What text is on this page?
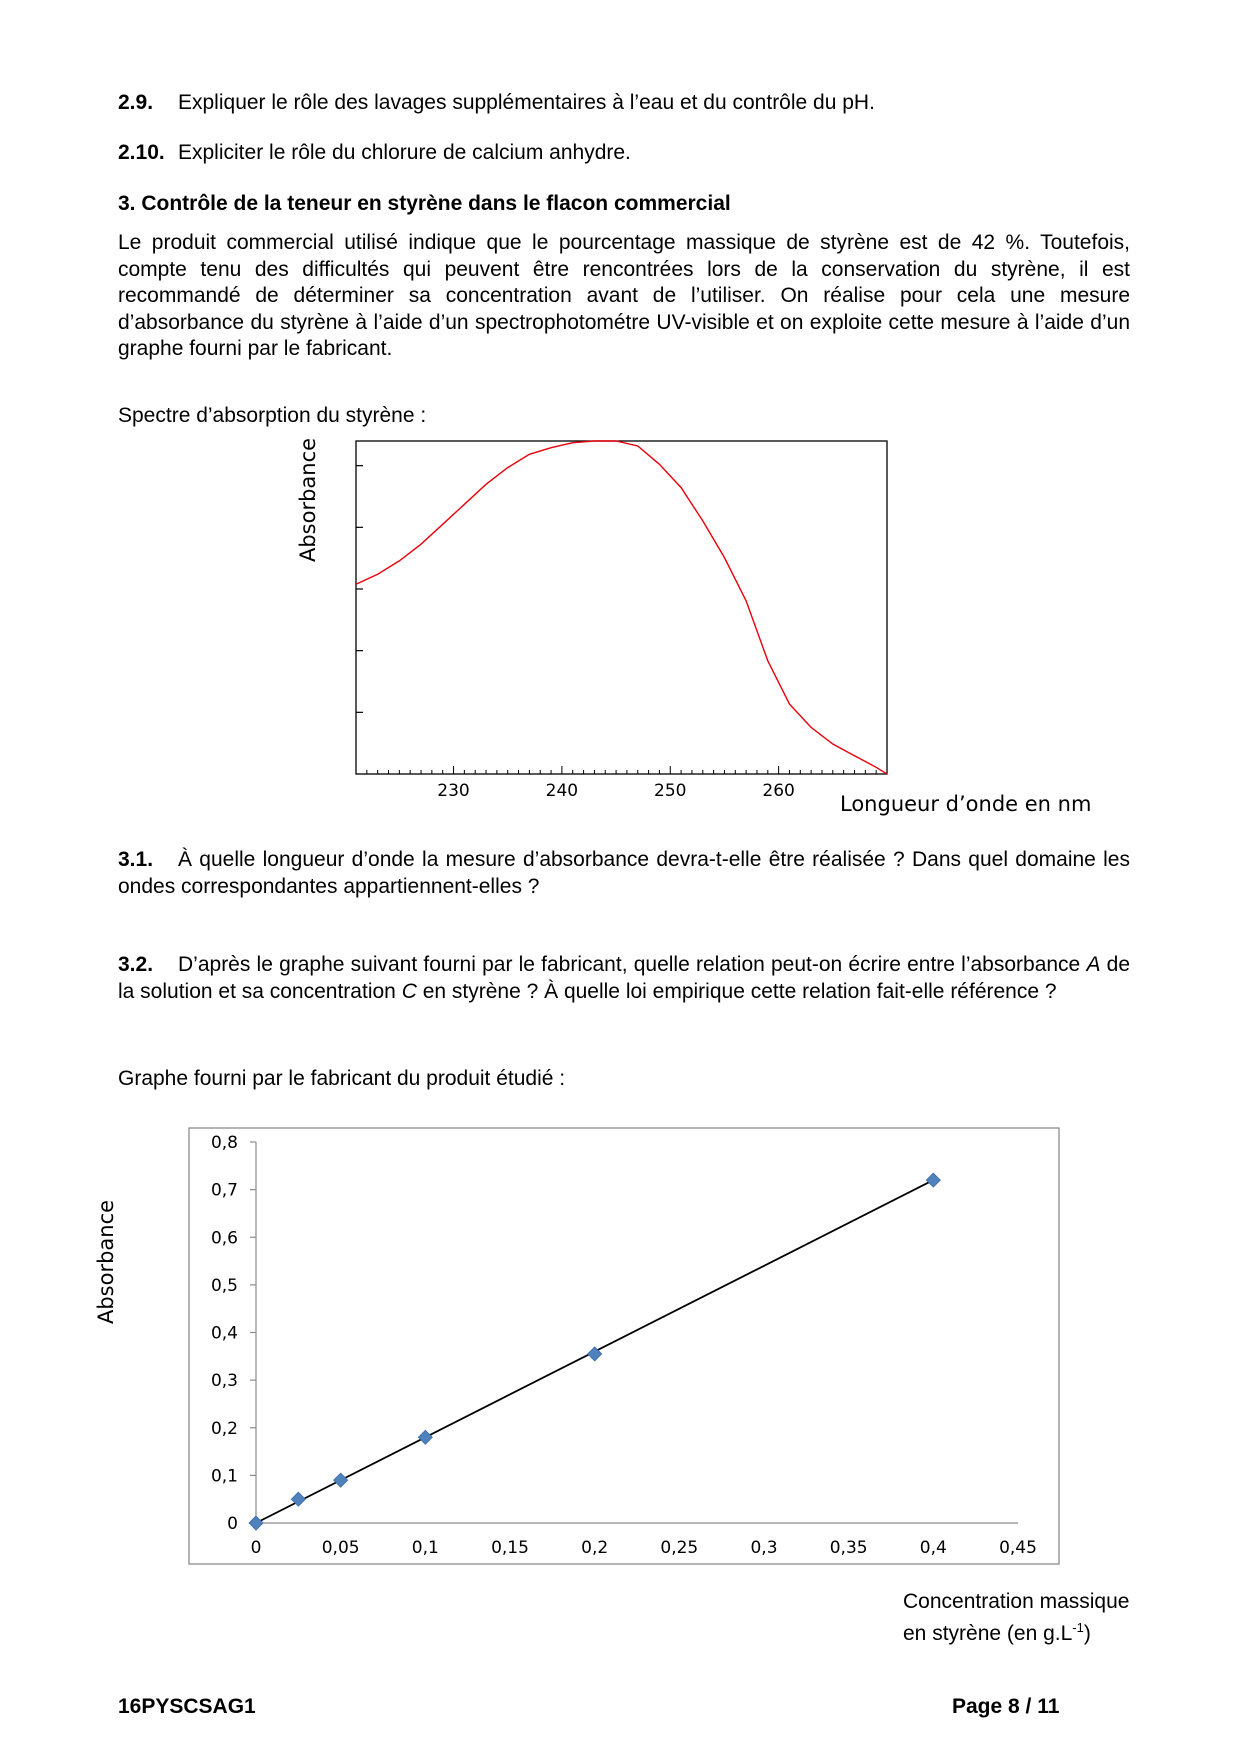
2.9. Expliquer le rôle des lavages supplémentaires à l’eau et du contrôle du pH.
2.10. Expliciter le rôle du chlorure de calcium anhydre.
3. Contrôle de la teneur en styrène dans le flacon commercial
Le produit commercial utilisé indique que le pourcentage massique de styrène est de 42 %. Toutefois, compte tenu des difficultés qui peuvent être rencontrées lors de la conservation du styrène, il est recommandé de déterminer sa concentration avant de l’utiliser. On réalise pour cela une mesure d’absorbance du styrène à l’aide d’un spectrophotométre UV-visible et on exploite cette mesure à l’aide d’un graphe fourni par le fabricant.
Spectre d’absorption du styrène :
Absorbance
230	240	250	260
Longueur d’onde en nm
3.1. À quelle longueur d’onde la mesure d’absorbance devra-t-elle être réalisée ? Dans quel domaine les ondes correspondantes appartiennent-elles ?
3.2. D’après le graphe suivant fourni par le fabricant, quelle relation peut-on écrire entre l’absorbance A de la solution et sa concentration C en styrène ? À quelle loi empirique cette relation fait-elle référence ?
Graphe fourni par le fabricant du produit étudié :
Absorbance
0
0,1
0,2
0,3
0,4
0,5
0,6
0,7
0,8
0	0,05	0,1	0,15	0,2	0,25	0,3	0,35	0,4	0,45
Concentration massique
en styrène (en $g.L^{-1}$)
16PYSCSAG1	Page 8 / 11
